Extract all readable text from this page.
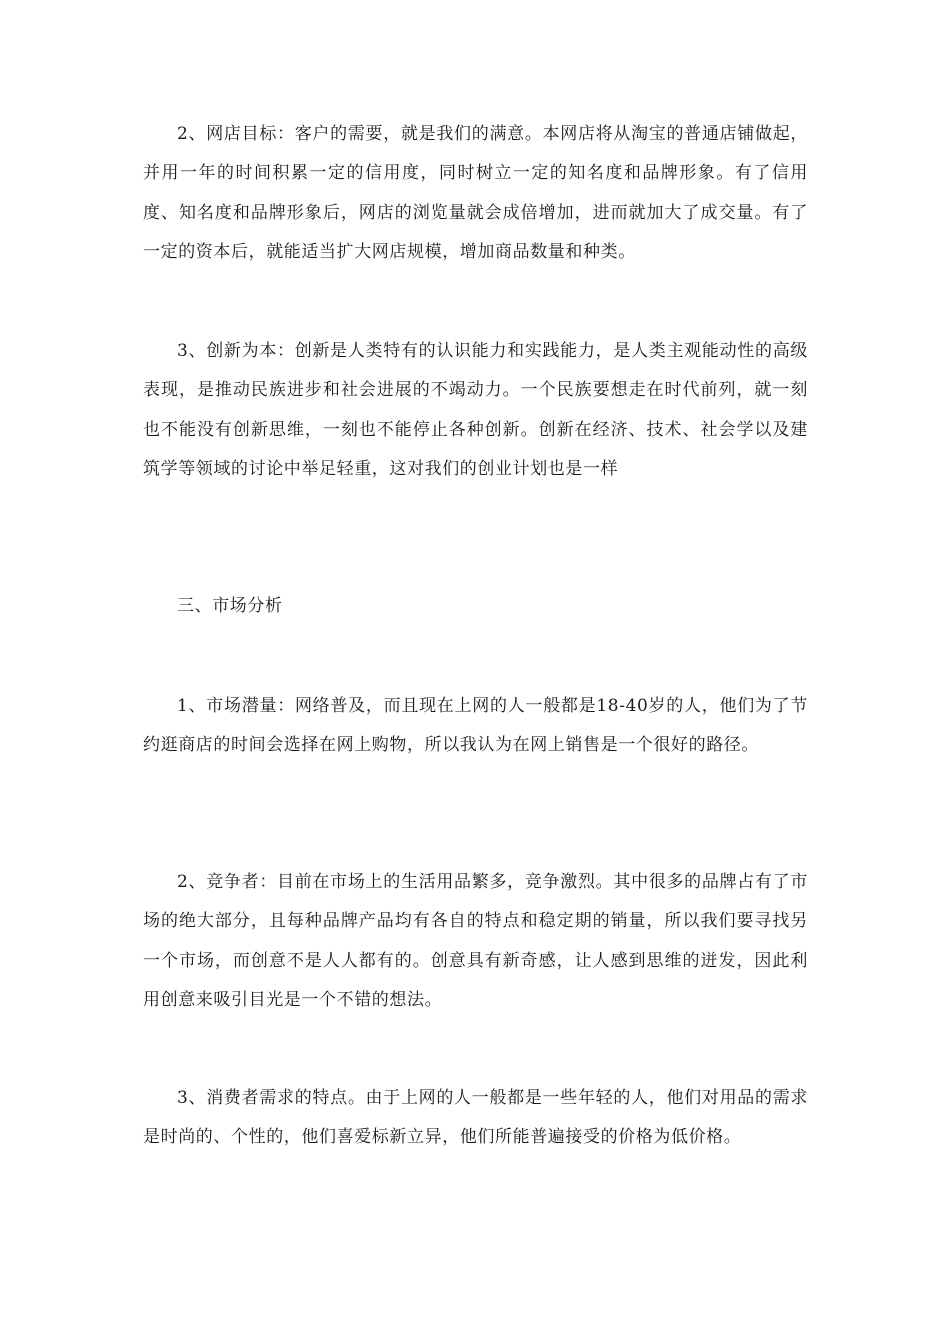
2、网店目标：客户的需要，就是我们的满意。本网店将从淘宝的普通店铺做起，并用一年的时间积累一定的信用度，同时树立一定的知名度和品牌形象。有了信用度、知名度和品牌形象后，网店的浏览量就会成倍增加，进而就加大了成交量。有了一定的资本后，就能适当扩大网店规模，增加商品数量和种类。

3、创新为本：创新是人类特有的认识能力和实践能力，是人类主观能动性的高级表现，是推动民族进步和社会进展的不竭动力。一个民族要想走在时代前列，就一刻也不能没有创新思维，一刻也不能停止各种创新。创新在经济、技术、社会学以及建筑学等领域的讨论中举足轻重，这对我们的创业计划也是一样

三、市场分析

1、市场潜量：网络普及，而且现在上网的人一般都是18-40岁的人，他们为了节约逛商店的时间会选择在网上购物，所以我认为在网上销售是一个很好的路径。

2、竞争者：目前在市场上的生活用品繁多，竞争激烈。其中很多的品牌占有了市场的绝大部分，且每种品牌产品均有各自的特点和稳定期的销量，所以我们要寻找另一个市场，而创意不是人人都有的。创意具有新奇感，让人感到思维的迸发，因此利用创意来吸引目光是一个不错的想法。

3、消费者需求的特点。由于上网的人一般都是一些年轻的人，他们对用品的需求是时尚的、个性的，他们喜爱标新立异，他们所能普遍接受的价格为低价格。
